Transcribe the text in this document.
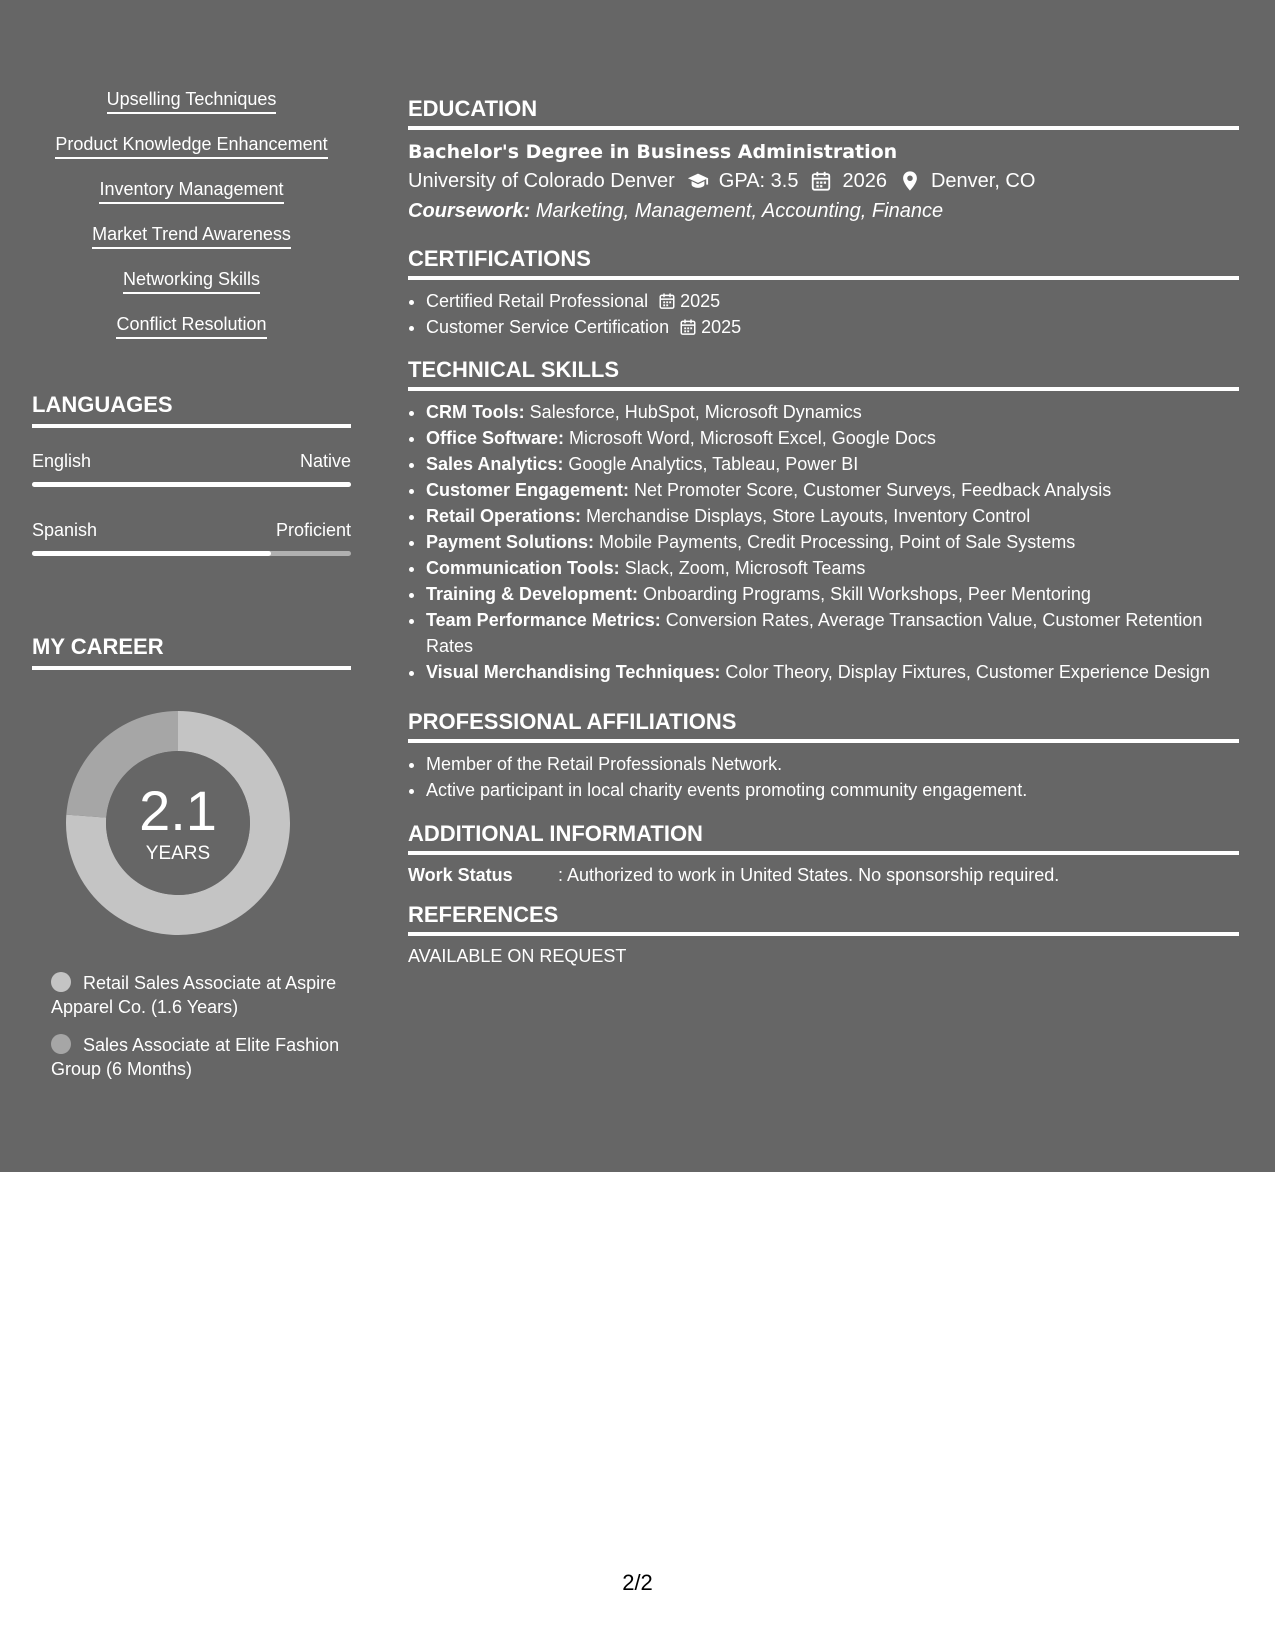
Upselling Techniques
Product Knowledge Enhancement
Inventory Management
Market Trend Awareness
Networking Skills
Conflict Resolution
LANGUAGES
English	Native
Spanish	Proficient
MY CAREER
2.1
YEARS
Retail Sales Associate at Aspire Apparel Co. (1.6 Years)
Sales Associate at Elite Fashion Group (6 Months)
EDUCATION
Bachelor's Degree in Business Administration
University of Colorado Denver GPA: 3.5 2026 Denver, CO
Coursework: Marketing, Management, Accounting, Finance
CERTIFICATIONS
• Certified Retail Professional 2025
• Customer Service Certification 2025
TECHNICAL SKILLS
• CRM Tools: Salesforce, HubSpot, Microsoft Dynamics
• Office Software: Microsoft Word, Microsoft Excel, Google Docs
• Sales Analytics: Google Analytics, Tableau, Power BI
• Customer Engagement: Net Promoter Score, Customer Surveys, Feedback Analysis
• Retail Operations: Merchandise Displays, Store Layouts, Inventory Control
• Payment Solutions: Mobile Payments, Credit Processing, Point of Sale Systems
• Communication Tools: Slack, Zoom, Microsoft Teams
• Training & Development: Onboarding Programs, Skill Workshops, Peer Mentoring
• Team Performance Metrics: Conversion Rates, Average Transaction Value, Customer Retention Rates
• Visual Merchandising Techniques: Color Theory, Display Fixtures, Customer Experience Design
PROFESSIONAL AFFILIATIONS
• Member of the Retail Professionals Network.
• Active participant in local charity events promoting community engagement.
ADDITIONAL INFORMATION
Work Status	: Authorized to work in United States. No sponsorship required.
REFERENCES
AVAILABLE ON REQUEST
2/2
